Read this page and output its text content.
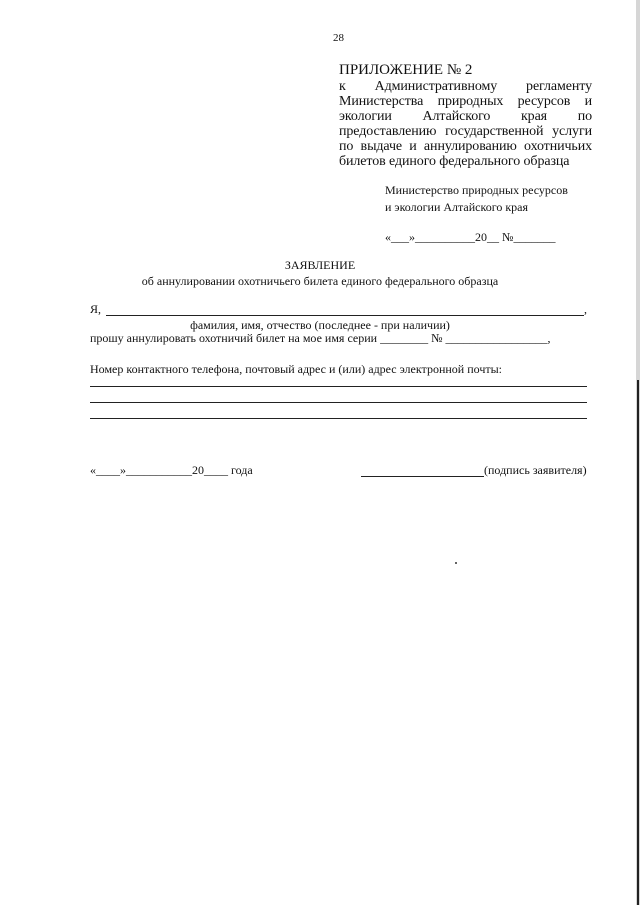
28
ПРИЛОЖЕНИЕ № 2
к Административному регламенту Министерства природных ресурсов и экологии Алтайского края по предоставлению государственной услуги по выдаче и аннулированию охотничьих билетов единого федерального образца
Министерство природных ресурсов
и экологии Алтайского края
«___»__________20__ №_______
ЗАЯВЛЕНИЕ
об аннулировании охотничьего билета единого федерального образца
Я,	,
фамилия, имя, отчество (последнее - при наличии)
прошу аннулировать охотничий билет на мое имя серии ________ № _________________,
Номер контактного телефона, почтовый адрес и (или) адрес электронной почты:
«____»___________20____ года	(подпись заявителя)
